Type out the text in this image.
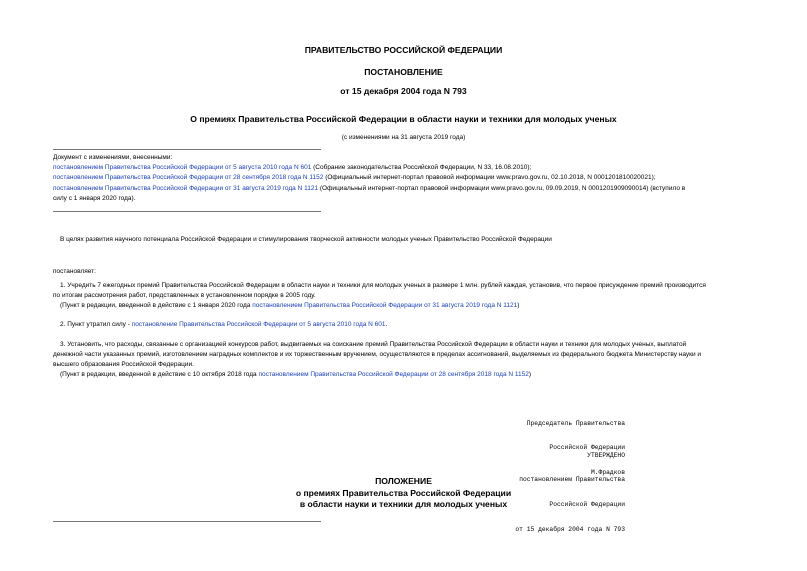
ПРАВИТЕЛЬСТВО РОССИЙСКОЙ ФЕДЕРАЦИИ
ПОСТАНОВЛЕНИЕ
от 15 декабря 2004 года N 793
О премиях Правительства Российской Федерации в области науки и техники для молодых ученых
(с изменениями на 31 августа 2019 года)
Документ с изменениями, внесенными:
постановлением Правительства Российской Федерации от 5 августа 2010 года N 601 (Собрание законодательства Российской Федерации, N 33, 16.08.2010);
постановлением Правительства Российской Федерации от 28 сентября 2018 года N 1152 (Официальный интернет-портал правовой информации www.pravo.gov.ru, 02.10.2018, N 0001201810020021);
постановлением Правительства Российской Федерации от 31 августа 2019 года N 1121 (Официальный интернет-портал правовой информации www.pravo.gov.ru, 09.09.2019, N 0001201909090014) (вступило в
силу с 1 января 2020 года).
В целях развития научного потенциала Российской Федерации и стимулирования творческой активности молодых ученых Правительство Российской Федерации
постановляет:
1. Учредить 7 ежегодных премий Правительства Российской Федерации в области науки и техники для молодых ученых в размере 1 млн. рублей каждая, установив, что первое присуждение премий производится
по итогам рассмотрения работ, представленных в установленном порядке в 2005 году.
(Пункт в редакции, введенной в действие с 1 января 2020 года постановлением Правительства Российской Федерации от 31 августа 2019 года N 1121)
2. Пункт утратил силу - постановление Правительства Российской Федерации от 5 августа 2010 года N 601.
3. Установить, что расходы, связанные с организацией конкурсов работ, выдвигаемых на соискание премий Правительства Российской Федерации в области науки и техники для молодых ученых, выплатой
денежной части указанных премий, изготовлением наградных комплектов и их торжественным вручением, осуществляются в пределах ассигнований, выделяемых из федерального бюджета Министерству науки и
высшего образования Российской Федерации.
(Пункт в редакции, введенной в действие с 10 октября 2018 года постановлением Правительства Российской Федерации от 28 сентября 2018 года N 1152)

Председатель Правительства

Российской Федерации

М.Фрадков

УТВЕРЖДЕНО

постановлением Правительства

Российской Федерации

от 15 декабря 2004 года N 793

ПОЛОЖЕНИЕ
о премиях Правительства Российской Федерации
в области науки и техники для молодых ученых
